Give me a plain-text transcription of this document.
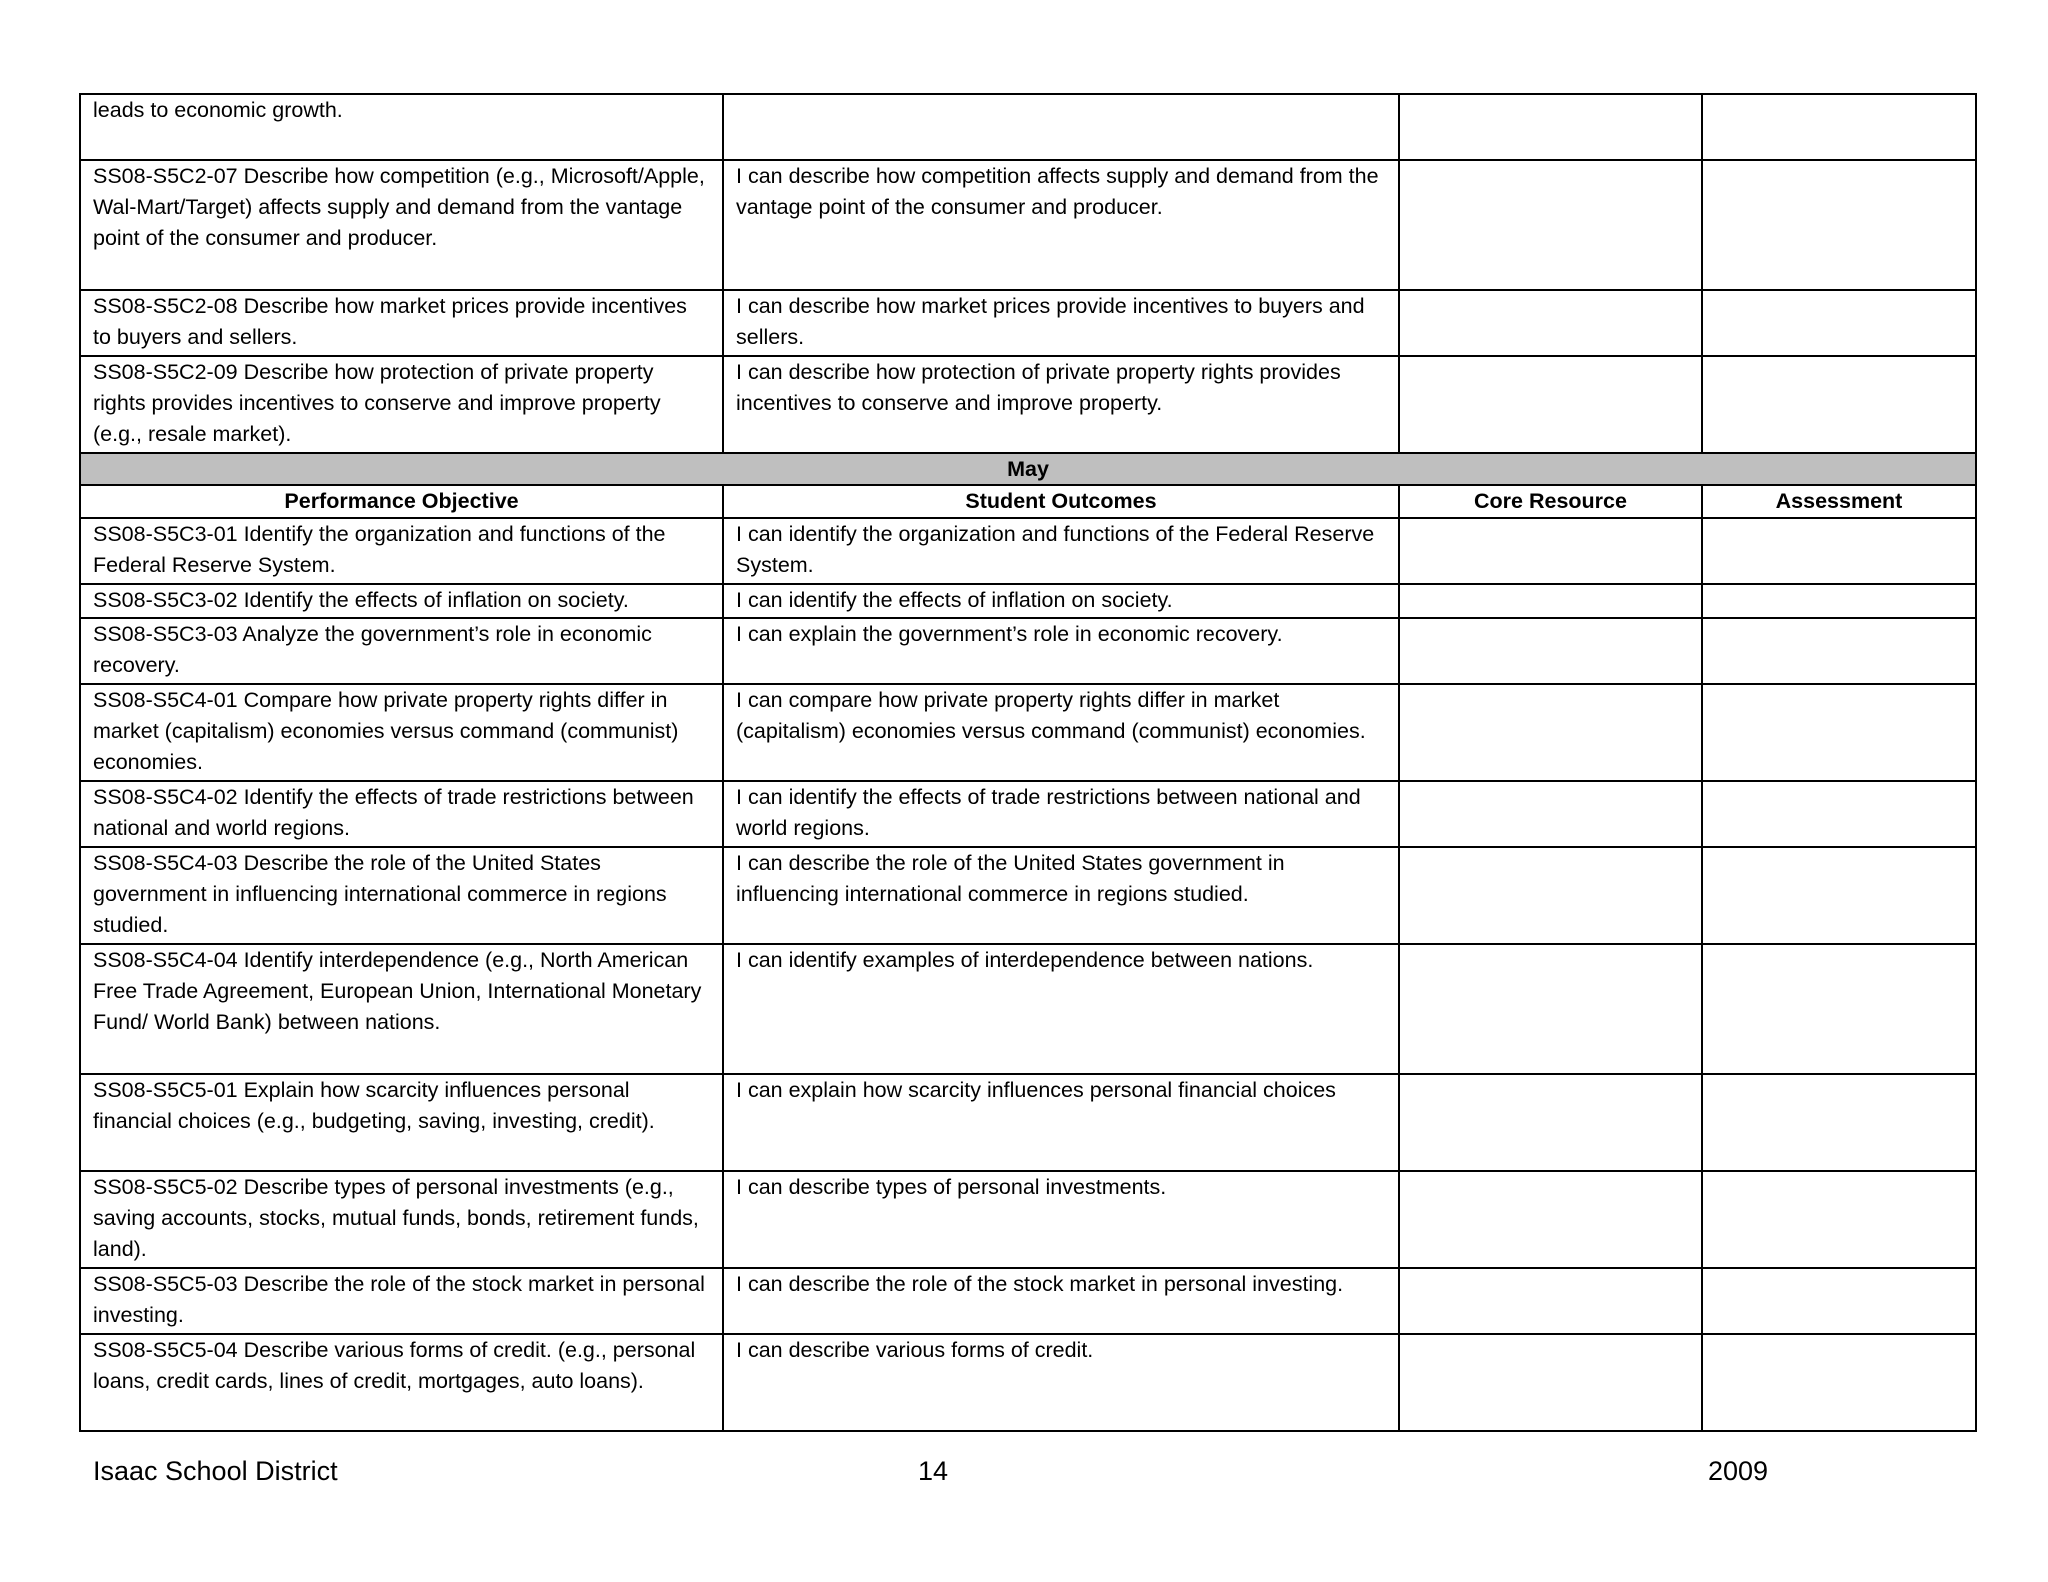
leads to economic growth.			
SS08-S5C2-07 Describe how competition (e.g., Microsoft/Apple, Wal-Mart/Target) affects supply and demand from the vantage point of the consumer and producer.	I can describe how competition affects supply and demand from the vantage point of the consumer and producer.		
SS08-S5C2-08 Describe how market prices provide incentives to buyers and sellers.	I can describe how market prices provide incentives to buyers and sellers.		
SS08-S5C2-09 Describe how protection of private property rights provides incentives to conserve and improve property (e.g., resale market).	I can describe how protection of private property rights provides incentives to conserve and improve property.		
May			
Performance Objective	Student Outcomes	Core Resource	Assessment
SS08-S5C3-01 Identify the organization and functions of the Federal Reserve System.	I can identify the organization and functions of the Federal Reserve System.		
SS08-S5C3-02 Identify the effects of inflation on society.	I can identify the effects of inflation on society.		
SS08-S5C3-03 Analyze the government’s role in economic recovery.	I can explain the government’s role in economic recovery.		
SS08-S5C4-01 Compare how private property rights differ in market (capitalism) economies versus command (communist) economies.	I can compare how private property rights differ in market (capitalism) economies versus command (communist) economies.		
SS08-S5C4-02 Identify the effects of trade restrictions between national and world regions.	I can identify the effects of trade restrictions between national and world regions.		
SS08-S5C4-03 Describe the role of the United States government in influencing international commerce in regions studied.	I can describe the role of the United States government in influencing international commerce in regions studied.		
SS08-S5C4-04 Identify interdependence (e.g., North American Free Trade Agreement, European Union, International Monetary Fund/ World Bank) between nations.	I can identify examples of interdependence between nations.		
SS08-S5C5-01 Explain how scarcity influences personal financial choices (e.g., budgeting, saving, investing, credit).	I can explain how scarcity influences personal financial choices		
SS08-S5C5-02 Describe types of personal investments (e.g., saving accounts, stocks, mutual funds, bonds, retirement funds, land).	I can describe types of personal investments.		
SS08-S5C5-03 Describe the role of the stock market in personal investing.	I can describe the role of the stock market in personal investing.		
SS08-S5C5-04 Describe various forms of credit. (e.g., personal loans, credit cards, lines of credit, mortgages, auto loans).	I can describe various forms of credit.		
Isaac School District	14	2009
